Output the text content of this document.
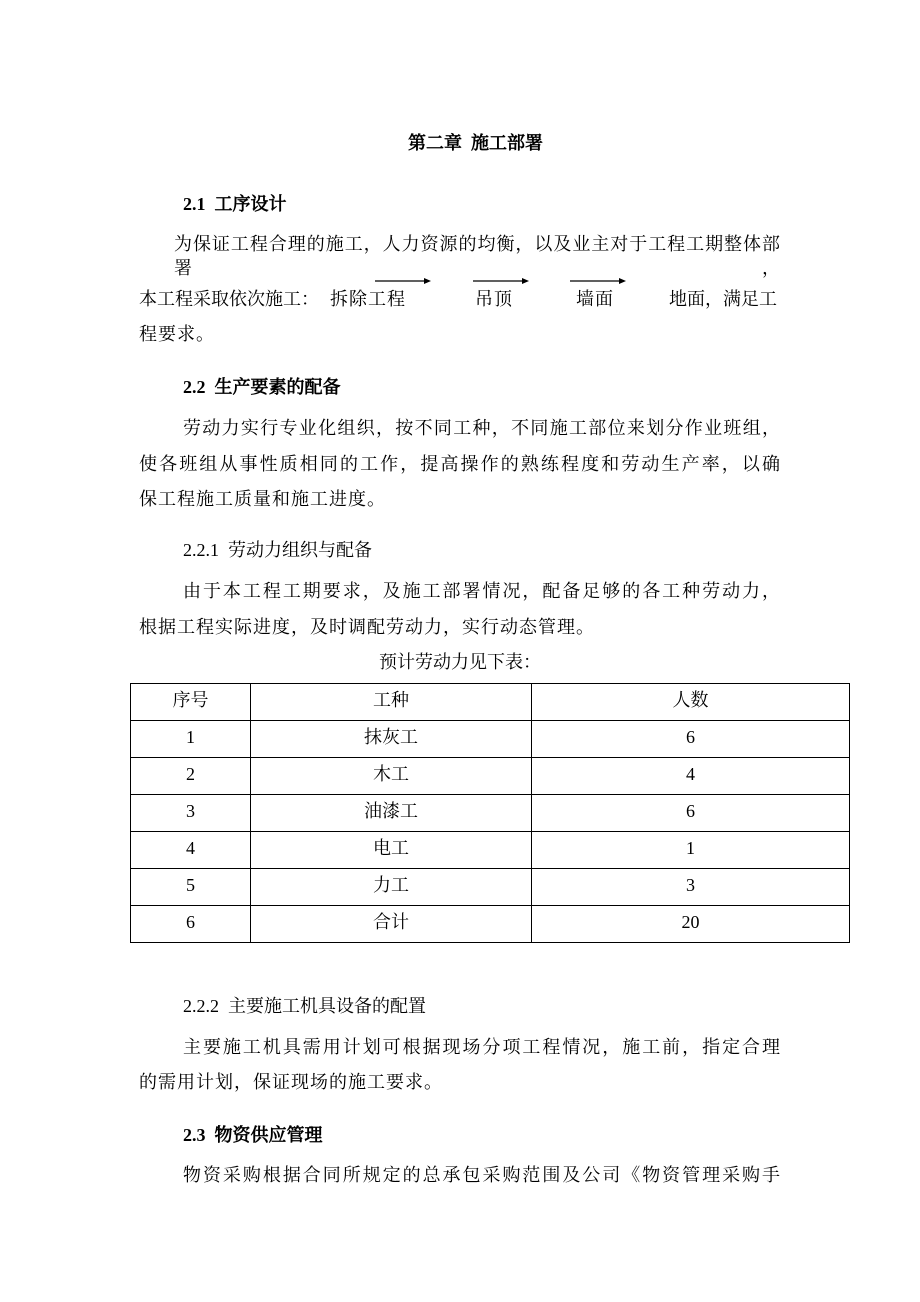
第二章  施工部署
2.1  工序设计
为保证工程合理的施工，人力资源的均衡，以及业主对于工程工期整体部署，
本工程采取依次施工： 拆除工程	吊顶	墙面	地面，满足工
程要求。
2.2  生产要素的配备
劳动力实行专业化组织，按不同工种，不同施工部位来划分作业班组，
使各班组从事性质相同的工作，提高操作的熟练程度和劳动生产率，以确
保工程施工质量和施工进度。
2.2.1  劳动力组织与配备
由于本工程工期要求，及施工部署情况，配备足够的各工种劳动力，
根据工程实际进度，及时调配劳动力，实行动态管理。
预计劳动力见下表：
序号	工种	人数
1	抹灰工	6
2	木工	4
3	油漆工	6
4	电工	1
5	力工	3
6	合计	20
2.2.2  主要施工机具设备的配置
主要施工机具需用计划可根据现场分项工程情况，施工前，指定合理
的需用计划，保证现场的施工要求。
2.3  物资供应管理
物资采购根据合同所规定的总承包采购范围及公司《物资管理采购手
